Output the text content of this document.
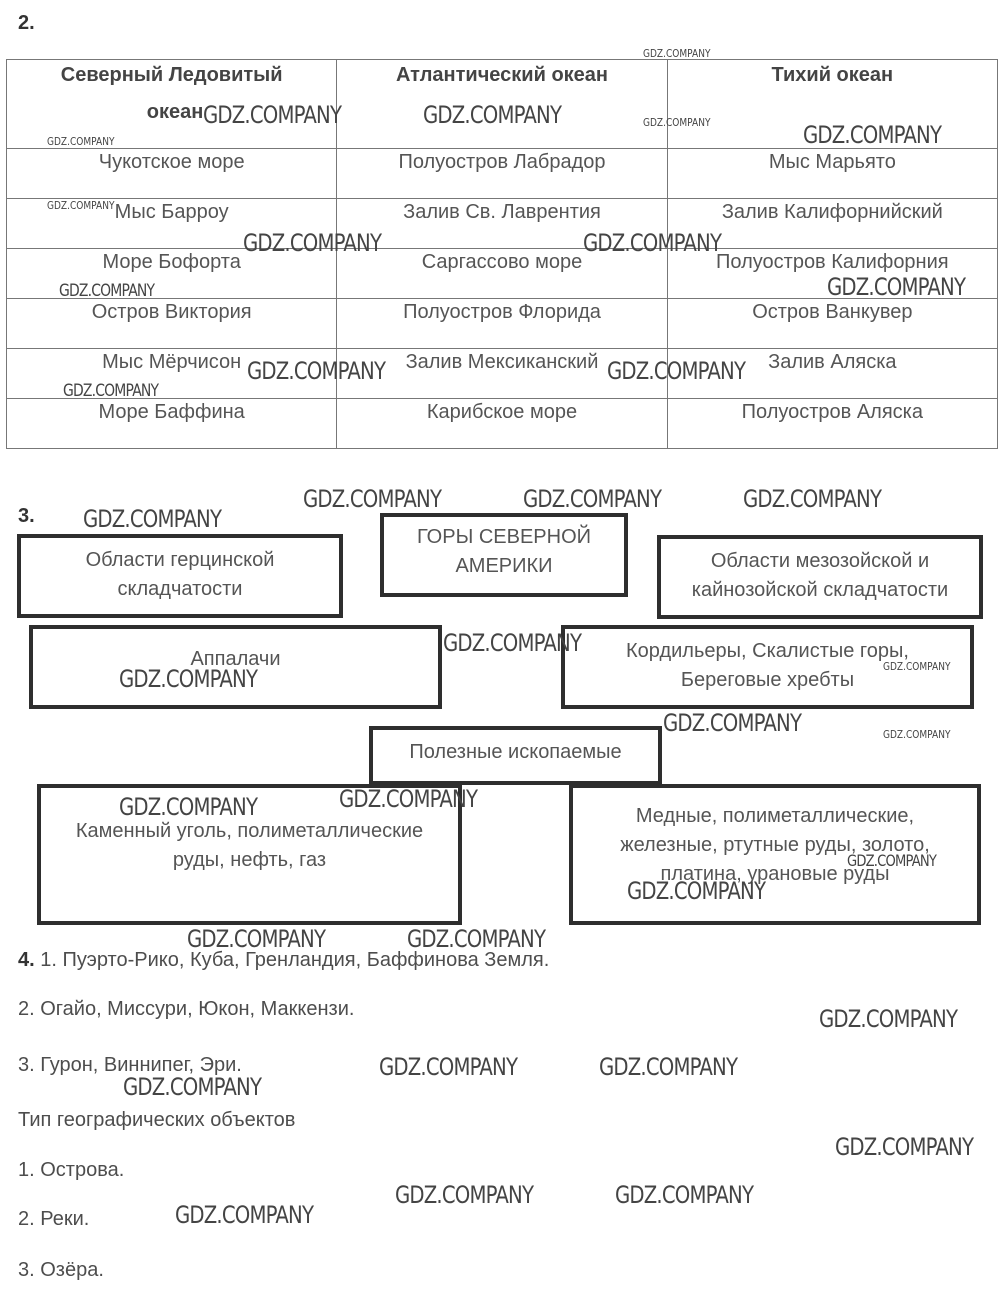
2.
Северный Ледовитый
океан	Атлантический океан	Тихий океан
Чукотское море	Полуостров Лабрадор	Мыс Марьято
Мыс Барроу	Залив Св. Лаврентия	Залив Калифорнийский
Море Бофорта	Саргассово море	Полуостров Калифорния
Остров Виктория	Полуостров Флорида	Остров Ванкувер
Мыс Мёрчисон	Залив Мексиканский	Залив Аляска
Море Баффина	Карибское море	Полуостров Аляска
3.
Области герцинской
складчатости
ГОРЫ СЕВЕРНОЙ
АМЕРИКИ	Области мезозойской и
кайнозойской складчатости
Аппалачи	Кордильеры, Скалистые горы,
Береговые хребты
Полезные ископаемые
Каменный уголь, полиметаллические
руды, нефть, газ
Медные, полиметаллические,
железные, ртутные руды, золото,
платина, урановые руды
4. 1. Пуэрто-Рико, Куба, Гренландия, Баффинова Земля.
2. Огайо, Миссури, Юкон, Маккензи.
3. Гурон, Виннипег, Эри.
Тип географических объектов
1. Острова.
2. Реки.
3. Озёра.
GDZ.COMPANY
GDZ.COMPANY	GDZ.COMPANY	GDZ.COMPANY	GDZ.COMPANY
GDZ.COMPANY
GDZ.COMPANY
GDZ.COMPANY	GDZ.COMPANY
GDZ.COMPANY
GDZ.COMPANY
GDZ.COMPANY	GDZ.COMPANY
GDZ.COMPANY
GDZ.COMPANY	GDZ.COMPANY	GDZ.COMPANY
GDZ.COMPANY
GDZ.COMPANY
GDZ.COMPANY
GDZ.COMPANY
GDZ.COMPANY	GDZ.COMPANY
GDZ.COMPANY
GDZ.COMPANY
GDZ.COMPANY
GDZ.COMPANY
GDZ.COMPANY	GDZ.COMPANY
GDZ.COMPANY
GDZ.COMPANY	GDZ.COMPANY
GDZ.COMPANY
GDZ.COMPANY
GDZ.COMPANY	GDZ.COMPANY
GDZ.COMPANY
